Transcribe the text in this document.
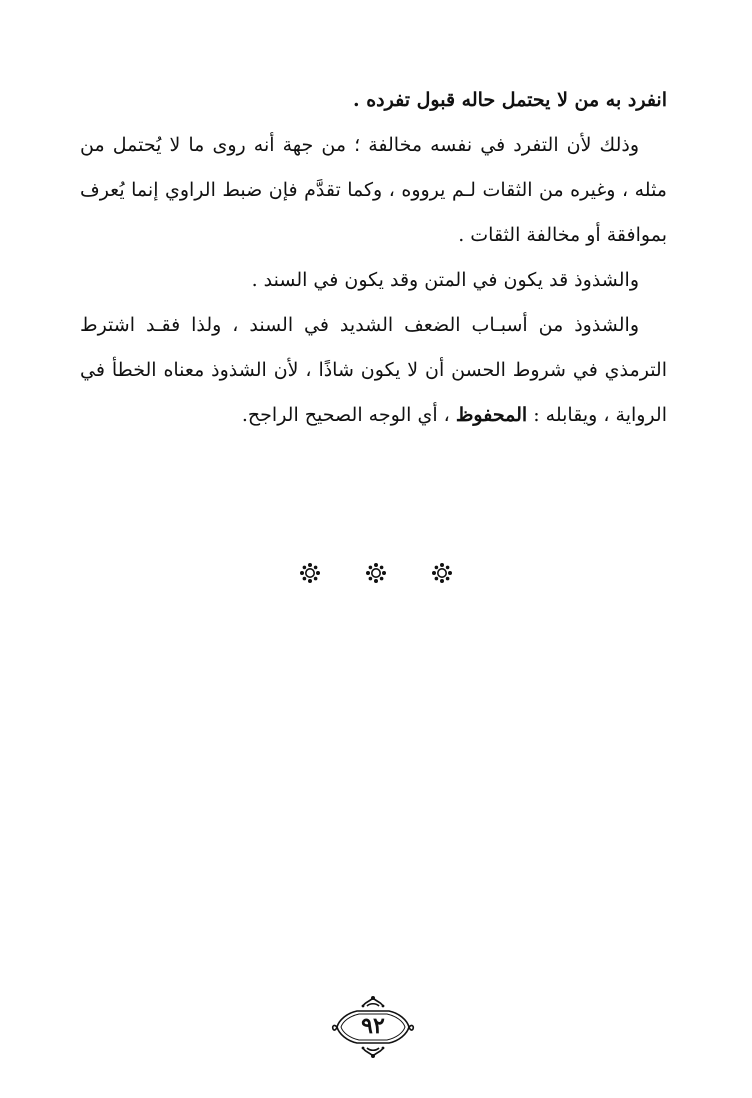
انفرد به من لا يحتمل حاله قبول تفرده .

وذلك لأن التفرد في نفسه مخالفة ؛ من جهة أنه روى ما لا يُحتمل من مثله ، وغيره من الثقات لـم يرووه ، وكما تقدَّم فإن ضبط الراوي إنما يُعرف بموافقة أو مخالفة الثقات .

والشذوذ قد يكون في المتن وقد يكون في السند .

والشذوذ من أسبـاب الضعف الشديد في السند ، ولذا فقـد اشترط الترمذي في شروط الحسن أن لا يكون شاذًا ، لأن الشذوذ معناه الخطأ في الرواية ، ويقابله : المحفوظ ، أي الوجه الصحيح الراجح.

٩٢
